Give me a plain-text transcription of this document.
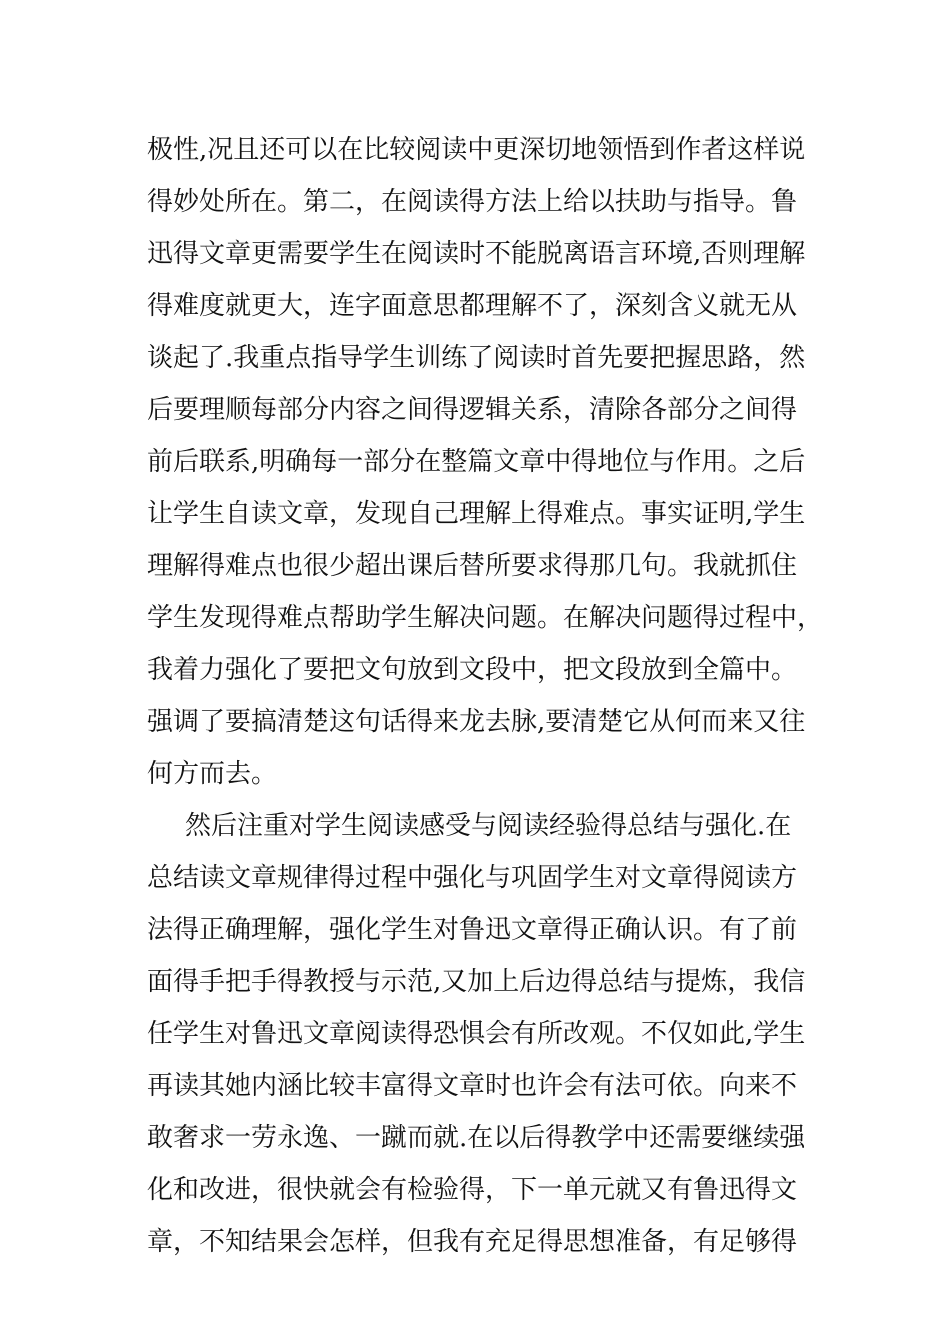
极性,况且还可以在比较阅读中更深切地领悟到作者这样说
得妙处所在。第二，在阅读得方法上给以扶助与指导。鲁
迅得文章更需要学生在阅读时不能脱离语言环境,否则理解
得难度就更大，连字面意思都理解不了，深刻含义就无从
谈起了.我重点指导学生训练了阅读时首先要把握思路，然
后要理顺每部分内容之间得逻辑关系，清除各部分之间得
前后联系,明确每一部分在整篇文章中得地位与作用。之后
让学生自读文章，发现自己理解上得难点。事实证明,学生
理解得难点也很少超出课后替所要求得那几句。我就抓住
学生发现得难点帮助学生解决问题。在解决问题得过程中，
我着力强化了要把文句放到文段中，把文段放到全篇中。
强调了要搞清楚这句话得来龙去脉,要清楚它从何而来又往
何方而去。
然后注重对学生阅读感受与阅读经验得总结与强化.在
总结读文章规律得过程中强化与巩固学生对文章得阅读方
法得正确理解，强化学生对鲁迅文章得正确认识。有了前
面得手把手得教授与示范,又加上后边得总结与提炼，我信
任学生对鲁迅文章阅读得恐惧会有所改观。不仅如此,学生
再读其她内涵比较丰富得文章时也许会有法可依。向来不
敢奢求一劳永逸、一蹴而就.在以后得教学中还需要继续强
化和改进，很快就会有检验得，下一单元就又有鲁迅得文
章，不知结果会怎样，但我有充足得思想准备，有足够得
